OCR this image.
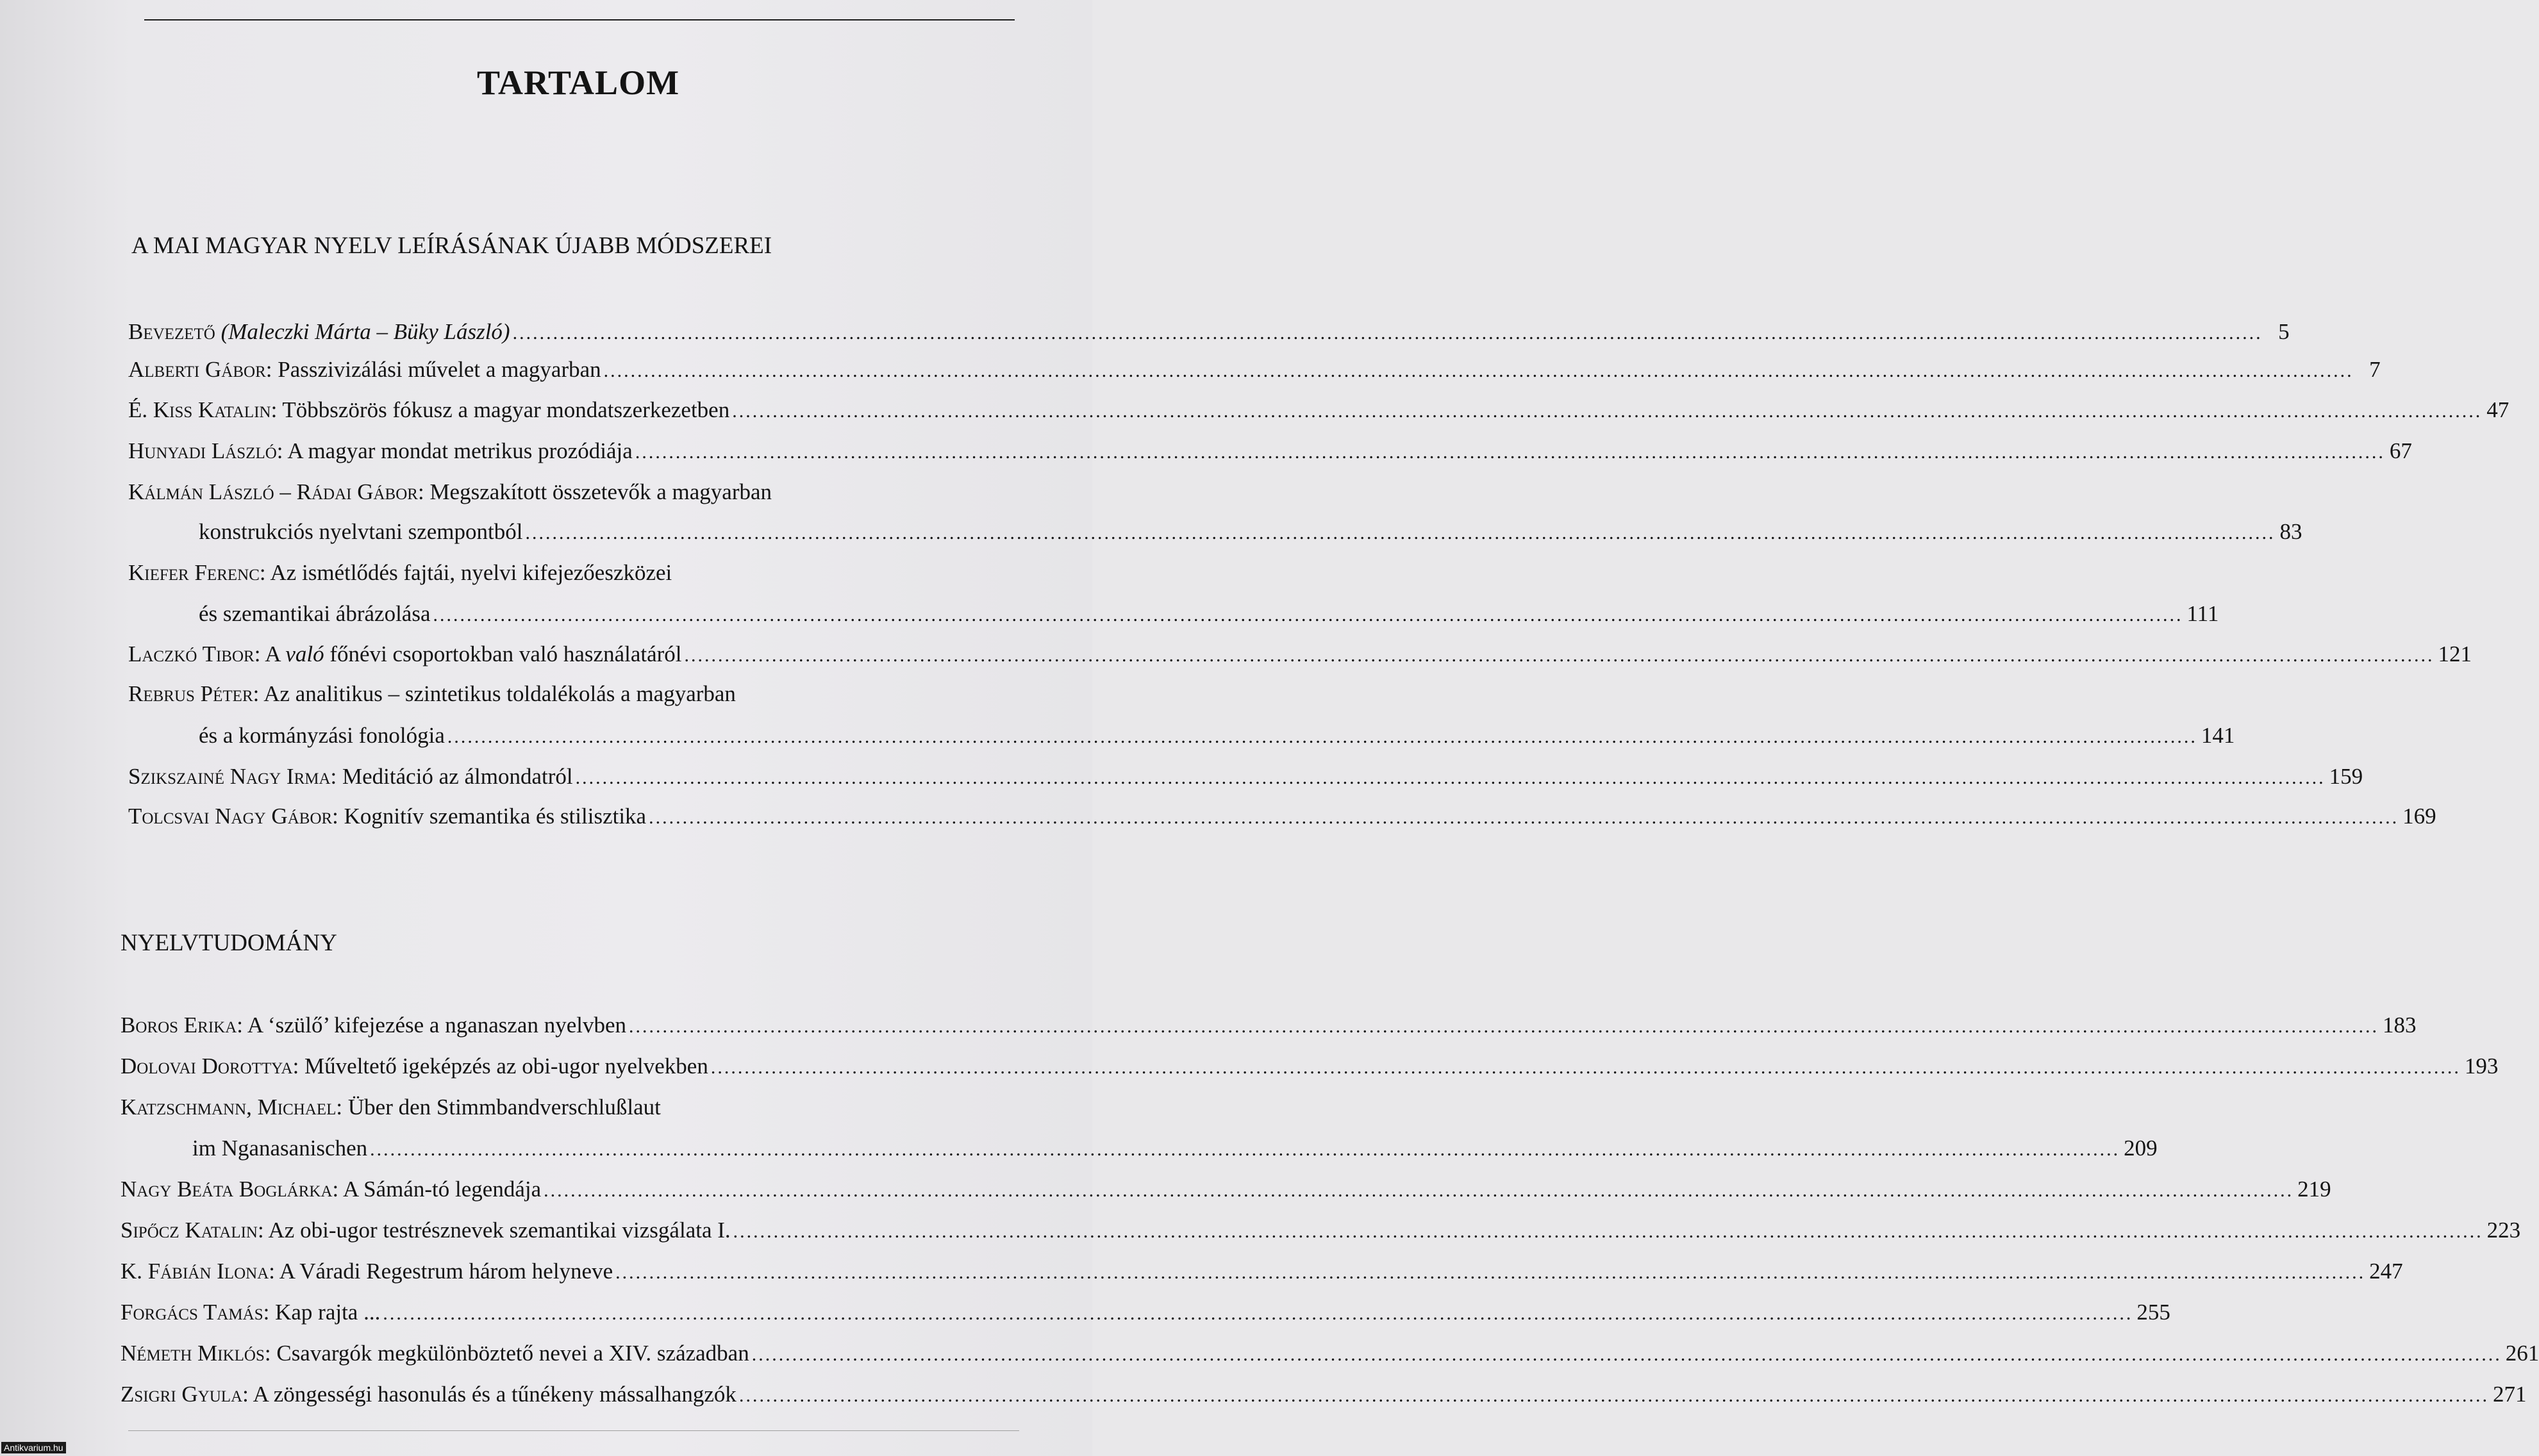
TARTALOM
A MAI MAGYAR NYELV LEÍRÁSÁNAK ÚJABB MÓDSZEREI
NYELVTUDOMÁNY
Bevezető (Maleczki Márta – Büky László) .................................................................................................................................................................................................................................................................... 5
Alberti Gábor: Passzivizálási művelet a magyarban .................................................................................................................................................................................................................................................................... 7
É. Kiss Katalin: Többszörös fókusz a magyar mondatszerkezetben .................................................................................................................................................................................................................................................................... 47
Hunyadi László: A magyar mondat metrikus prozódiája .................................................................................................................................................................................................................................................................... 67
Kálmán László – Rádai Gábor: Megszakított összetevők a magyarban
konstrukciós nyelvtani szempontból .................................................................................................................................................................................................................................................................... 83
Kiefer Ferenc: Az ismétlődés fajtái, nyelvi kifejezőeszközei
és szemantikai ábrázolása .................................................................................................................................................................................................................................................................... 111
Laczkó Tibor: A való főnévi csoportokban való használatáról .................................................................................................................................................................................................................................................................... 121
Rebrus Péter: Az analitikus – szintetikus toldalékolás a magyarban
és a kormányzási fonológia .................................................................................................................................................................................................................................................................... 141
Szikszainé Nagy Irma: Meditáció az álmondatról .................................................................................................................................................................................................................................................................... 159
Tolcsvai Nagy Gábor: Kognitív szemantika és stilisztika .................................................................................................................................................................................................................................................................... 169
Boros Erika: A ‘szülő’ kifejezése a nganaszan nyelvben .................................................................................................................................................................................................................................................................... 183
Dolovai Dorottya: Műveltető igeképzés az obi-ugor nyelvekben .................................................................................................................................................................................................................................................................... 193
Katzschmann, Michael: Über den Stimmbandverschlußlaut
im Nganasanischen .................................................................................................................................................................................................................................................................... 209
Nagy Beáta Boglárka: A Sámán-tó legendája .................................................................................................................................................................................................................................................................... 219
Sipőcz Katalin: Az obi-ugor testrésznevek szemantikai vizsgálata I. .................................................................................................................................................................................................................................................................... 223
K. Fábián Ilona: A Váradi Regestrum három helyneve .................................................................................................................................................................................................................................................................... 247
Forgács Tamás: Kap rajta ... .................................................................................................................................................................................................................................................................... 255
Németh Miklós: Csavargók megkülönböztető nevei a XIV. században .................................................................................................................................................................................................................................................................... 261
Zsigri Gyula: A zöngességi hasonulás és a tűnékeny mássalhangzók .................................................................................................................................................................................................................................................................... 271
Antikvarium.hu
